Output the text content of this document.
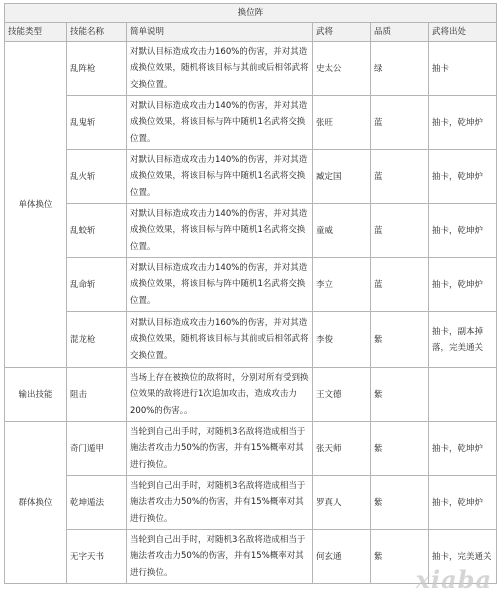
换位阵					
技能类型	技能名称	简单说明	武将	品质	武将出处
单体换位	乱阵枪	对默认目标造成攻击力160%的伤害，并对其造成换位效果，随机将该目标与其前或后相邻武将交换位置。	史太公	绿	抽卡
	乱鬼斩	对默认目标造成攻击力140%的伤害，并对其造成换位效果，将该目标与阵中随机1名武将交换位置。	张旺	蓝	抽卡，乾坤炉
	乱火斩	对默认目标造成攻击力140%的伤害，并对其造成换位效果，将该目标与阵中随机1名武将交换位置。	臧定国	蓝	抽卡，乾坤炉
	乱蛟斩	对默认目标造成攻击力140%的伤害，并对其造成换位效果，将该目标与阵中随机1名武将交换位置。	童威	蓝	抽卡，乾坤炉
	乱命斩	对默认目标造成攻击力140%的伤害，并对其造成换位效果，将该目标与阵中随机1名武将交换位置。	李立	蓝	抽卡，乾坤炉
	混龙枪	对默认目标造成攻击力160%的伤害，并对其造成换位效果，随机将该目标与其前或后相邻武将交换位置。	李俊	紫	抽卡，副本掉落，完美通关
输出技能	阻击	当场上存在被换位的敌将时，分别对所有受到换位效果的敌将进行1次追加攻击，造成攻击力200%的伤害。。	王文德	紫	
群体换位	奇门遁甲	当轮到自己出手时，对随机3名敌将造成相当于施法者攻击力50%的伤害，并有15%概率对其进行换位。	张天师	紫	抽卡，乾坤炉
	乾坤遁法	当轮到自己出手时，对随机3名敌将造成相当于施法者攻击力50%的伤害，并有15%概率对其进行换位。	罗真人	紫	抽卡，乾坤炉
	无字天书	当轮到自己出手时，对随机3名敌将造成相当于施法者攻击力50%的伤害，并有15%概率对其进行换位。	何玄通	紫	抽卡，完美通关
xiaba
